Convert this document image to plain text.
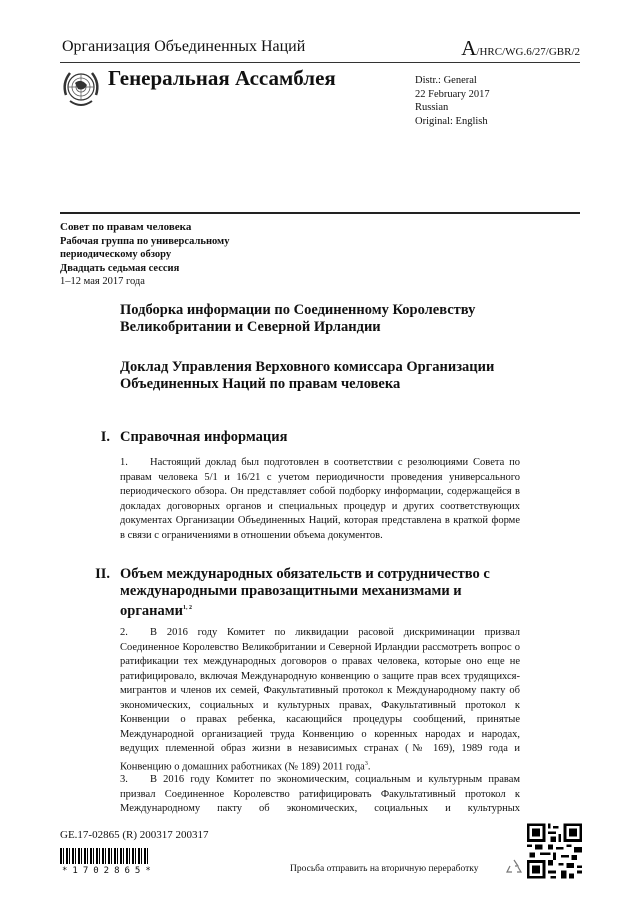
Организация Объединенных Наций	A/HRC/WG.6/27/GBR/2
Генеральная Ассамблея	Distr.: General
22 February 2017
Russian
Original: English
Совет по правам человека
Рабочая группа по универсальному
периодическому обзору
Двадцать седьмая сессия
1–12 мая 2017 года
Подборка информации по Соединенному Королевству Великобритании и Северной Ирландии
Доклад Управления Верховного комиссара Организации Объединенных Наций по правам человека
I. Справочная информация
1. Настоящий доклад был подготовлен в соответствии с резолюциями Совета по правам человека 5/1 и 16/21 с учетом периодичности проведения универсального периодического обзора. Он представляет собой подборку информации, содержащейся в докладах договорных органов и специальных процедур и других соответствующих документах Организации Объединенных Наций, которая представлена в краткой форме в связи с ограничениями в отношении объема документов.
II. Объем международных обязательств и сотрудничество с международными правозащитными механизмами и органами$^{1, 2}$
2. В 2016 году Комитет по ликвидации расовой дискриминации призвал Соединенное Королевство Великобритании и Северной Ирландии рассмотреть вопрос о ратификации тех международных договоров о правах человека, которые оно еще не ратифицировало, включая Международную конвенцию о защите прав всех трудящихся-мигрантов и членов их семей, Факультативный протокол к Международному пакту об экономических, социальных и культурных правах, Факультативный протокол к Конвенции о правах ребенка, касающийся процедуры сообщений, принятые Международной организацией труда Конвенцию о коренных народах и народах, ведущих племенной образ жизни в независимых странах (№ 169), 1989 года и Конвенцию о домашних работниках (№ 189) 2011 года$^3$.
3. В 2016 году Комитет по экономическим, социальным и культурным правам призвал Соединенное Королевство ратифицировать Факультативный протокол к Международному пакту об экономических, социальных и культурных
GE.17-02865 (R) 200317 200317
*1702865*	Просьба отправить на вторичную переработку
